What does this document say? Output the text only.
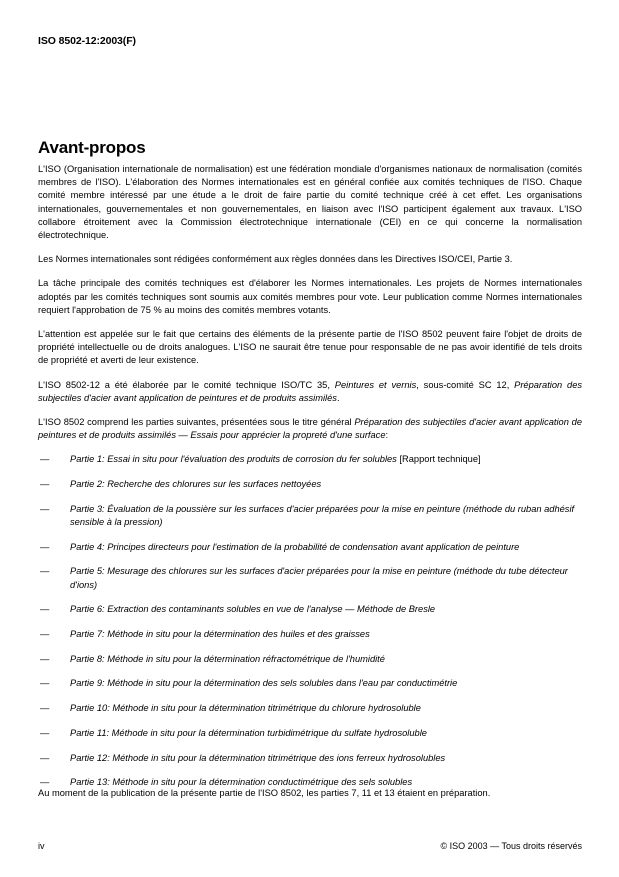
ISO 8502-12:2003(F)
Avant-propos

L'ISO (Organisation internationale de normalisation) est une fédération mondiale d'organismes nationaux de normalisation (comités membres de l'ISO). L'élaboration des Normes internationales est en général confiée aux comités techniques de l'ISO. Chaque comité membre intéressé par une étude a le droit de faire partie du comité technique créé à cet effet. Les organisations internationales, gouvernementales et non gouvernementales, en liaison avec l'ISO participent également aux travaux. L'ISO collabore étroitement avec la Commission électrotechnique internationale (CEI) en ce qui concerne la normalisation électrotechnique.

Les Normes internationales sont rédigées conformément aux règles données dans les Directives ISO/CEI, Partie 3.

La tâche principale des comités techniques est d'élaborer les Normes internationales. Les projets de Normes internationales adoptés par les comités techniques sont soumis aux comités membres pour vote. Leur publication comme Normes internationales requiert l'approbation de 75 % au moins des comités membres votants.

L'attention est appelée sur le fait que certains des éléments de la présente partie de l'ISO 8502 peuvent faire l'objet de droits de propriété intellectuelle ou de droits analogues. L'ISO ne saurait être tenue pour responsable de ne pas avoir identifié de tels droits de propriété et averti de leur existence.

L'ISO 8502-12 a été élaborée par le comité technique ISO/TC 35, Peintures et vernis, sous-comité SC 12, Préparation des subjectiles d'acier avant application de peintures et de produits assimilés.

L'ISO 8502 comprend les parties suivantes, présentées sous le titre général Préparation des subjectiles d'acier avant application de peintures et de produits assimilés — Essais pour apprécier la propreté d'une surface:

— Partie 1: Essai in situ pour l'évaluation des produits de corrosion du fer solubles [Rapport technique]
— Partie 2: Recherche des chlorures sur les surfaces nettoyées
— Partie 3: Évaluation de la poussière sur les surfaces d'acier préparées pour la mise en peinture (méthode du ruban adhésif sensible à la pression)
— Partie 4: Principes directeurs pour l'estimation de la probabilité de condensation avant application de peinture
— Partie 5: Mesurage des chlorures sur les surfaces d'acier préparées pour la mise en peinture (méthode du tube détecteur d'ions)
— Partie 6: Extraction des contaminants solubles en vue de l'analyse — Méthode de Bresle
— Partie 7: Méthode in situ pour la détermination des huiles et des graisses
— Partie 8: Méthode in situ pour la détermination réfractométrique de l'humidité
— Partie 9: Méthode in situ pour la détermination des sels solubles dans l'eau par conductimétrie
— Partie 10: Méthode in situ pour la détermination titrimétrique du chlorure hydrosoluble
— Partie 11: Méthode in situ pour la détermination turbidimétrique du sulfate hydrosoluble
— Partie 12: Méthode in situ pour la détermination titrimétrique des ions ferreux hydrosolubles
— Partie 13: Méthode in situ pour la détermination conductimétrique des sels solubles
Au moment de la publication de la présente partie de l'ISO 8502, les parties 7, 11 et 13 étaient en préparation.
iv	© ISO 2003 — Tous droits réservés
